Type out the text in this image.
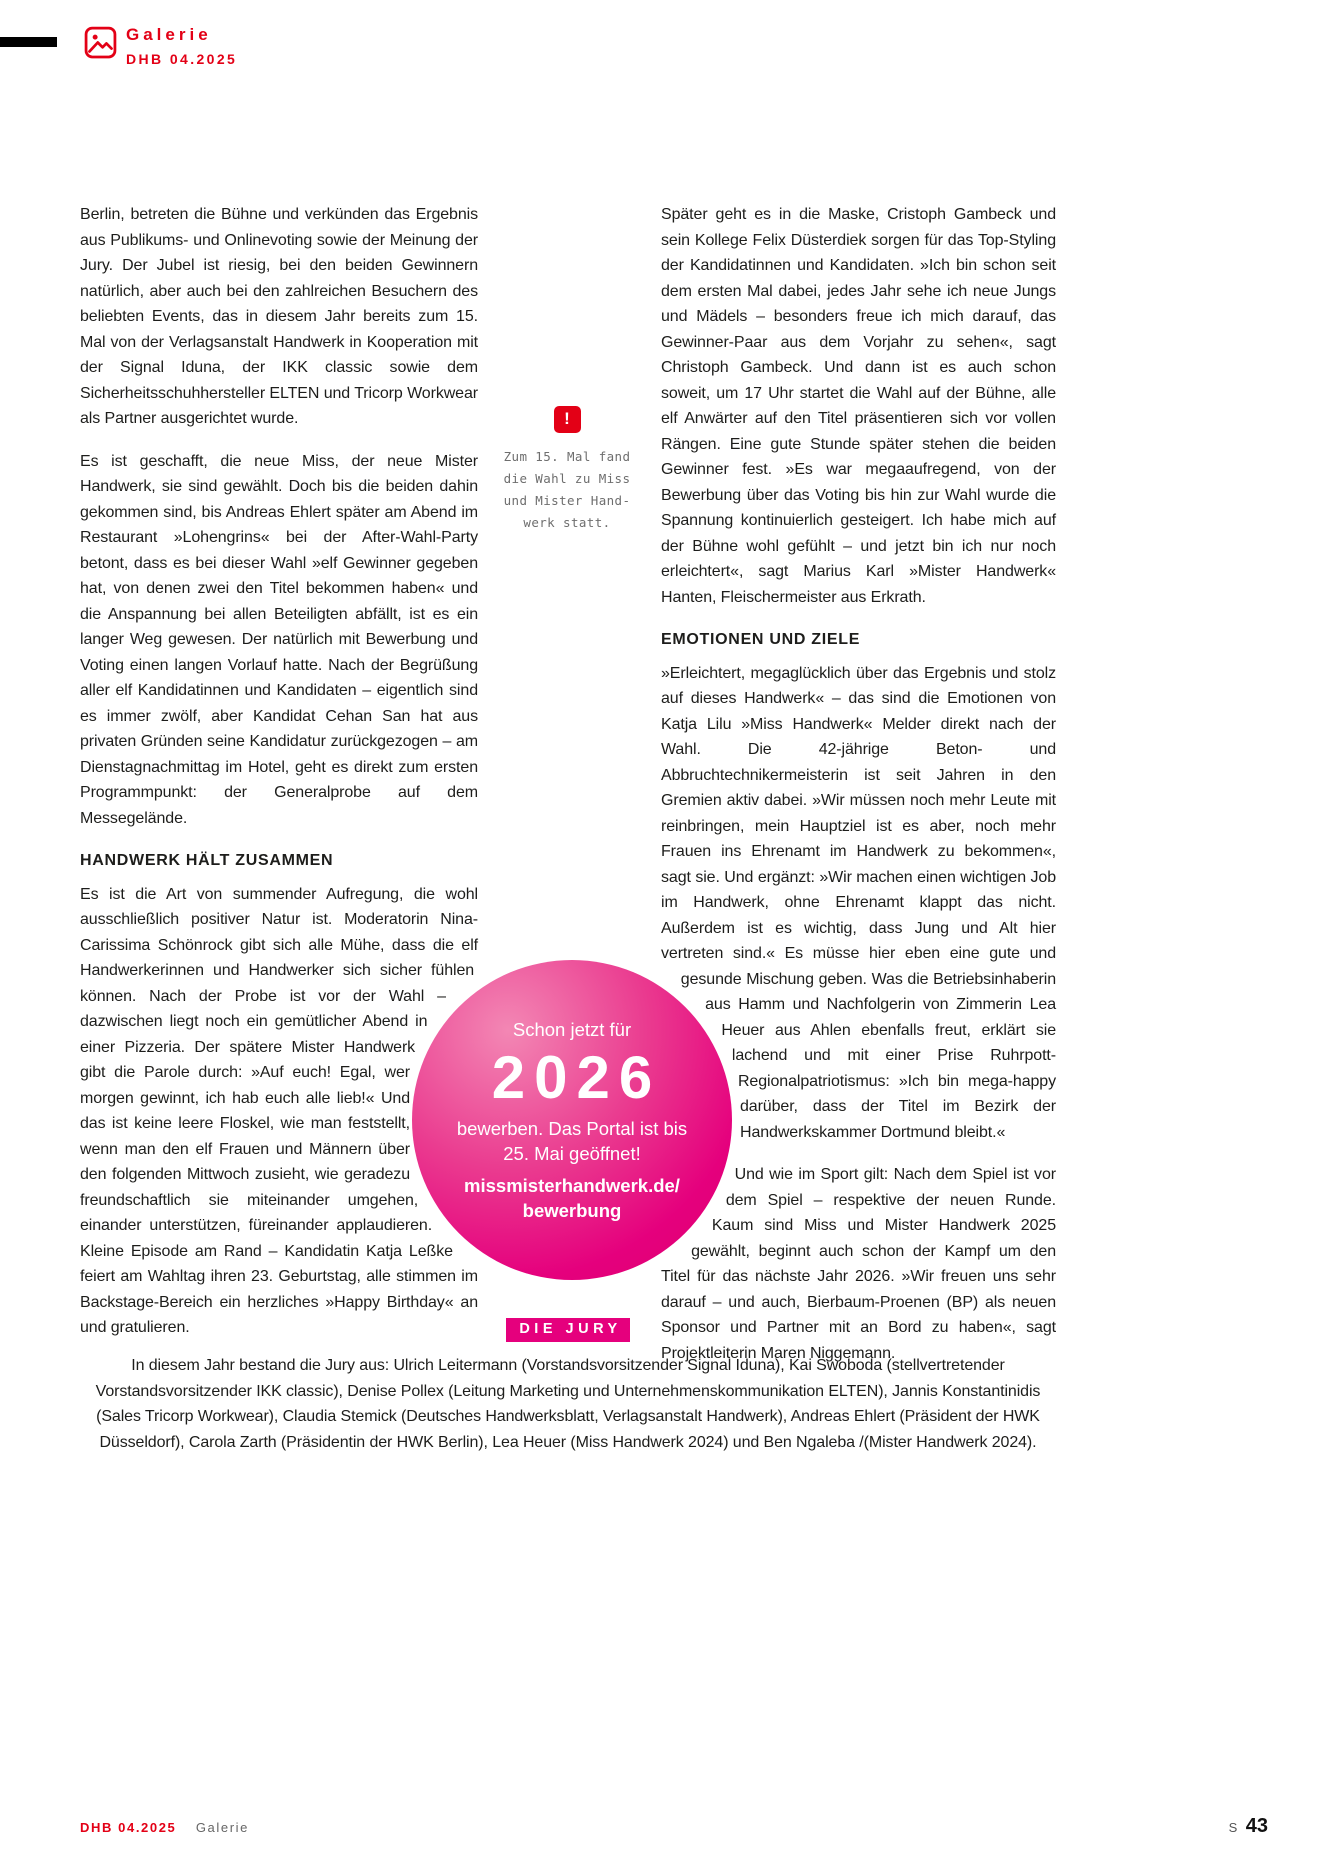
Galerie
DHB 04.2025

Berlin, betreten die Bühne und verkünden das Ergebnis aus Publikums- und Onlinevoting sowie der Meinung der Jury. Der Jubel ist riesig, bei den beiden Gewinnern natürlich, aber auch bei den zahlreichen Besuchern des beliebten Events, das in diesem Jahr bereits zum 15. Mal von der Verlagsanstalt Handwerk in Kooperation mit der Signal Iduna, der IKK classic sowie dem Sicherheitsschuhhersteller ELTEN und Tricorp Workwear als Partner ausgerichtet wurde.

Es ist geschafft, die neue Miss, der neue Mister Handwerk, sie sind gewählt. Doch bis die beiden dahin gekommen sind, bis Andreas Ehlert später am Abend im Restaurant »Lohengrins« bei der After-Wahl-Party betont, dass es bei dieser Wahl »elf Gewinner gegeben hat, von denen zwei den Titel bekommen haben« und die Anspannung bei allen Beteiligten abfällt, ist es ein langer Weg gewesen. Der natürlich mit Bewerbung und Voting einen langen Vorlauf hatte. Nach der Begrüßung aller elf Kandidatinnen und Kandidaten – eigentlich sind es immer zwölf, aber Kandidat Cehan San hat aus privaten Gründen seine Kandidatur zurückgezogen – am Dienstagnachmittag im Hotel, geht es direkt zum ersten Programmpunkt: der Generalprobe auf dem Messegelände.

HANDWERK HÄLT ZUSAMMEN

Es ist die Art von summender Aufregung, die wohl ausschließlich positiver Natur ist. Moderatorin Nina-Carissima Schönrock gibt sich alle Mühe, dass die elf Handwerkerinnen und Handwerker sich sicher fühlen können. Nach der Probe ist vor der Wahl – dazwischen liegt noch ein gemütlicher Abend in einer Pizzeria. Der spätere Mister Handwerk gibt die Parole durch: »Auf euch! Egal, wer morgen gewinnt, ich hab euch alle lieb!« Und das ist keine leere Floskel, wie man feststellt, wenn man den elf Frauen und Männern über den folgenden Mittwoch zusieht, wie geradezu freundschaftlich sie miteinander umgehen, einander unterstützen, füreinander applaudieren. Kleine Episode am Rand – Kandidatin Katja Leßke feiert am Wahltag ihren 23. Geburtstag, alle stimmen im Backstage-Bereich ein herzliches »Happy Birthday« an und gratulieren.

Später geht es in die Maske, Cristoph Gambeck und sein Kollege Felix Düsterdiek sorgen für das Top-Styling der Kandidatinnen und Kandidaten. »Ich bin schon seit dem ersten Mal dabei, jedes Jahr sehe ich neue Jungs und Mädels – besonders freue ich mich darauf, das Gewinner-Paar aus dem Vorjahr zu sehen«, sagt Christoph Gambeck. Und dann ist es auch schon soweit, um 17 Uhr startet die Wahl auf der Bühne, alle elf Anwärter auf den Titel präsentieren sich vor vollen Rängen. Eine gute Stunde später stehen die beiden Gewinner fest. »Es war megaaufregend, von der Bewerbung über das Voting bis hin zur Wahl wurde die Spannung kontinuierlich gesteigert. Ich habe mich auf der Bühne wohl gefühlt – und jetzt bin ich nur noch erleichtert«, sagt Marius Karl »Mister Handwerk« Hanten, Fleischermeister aus Erkrath.

EMOTIONEN UND ZIELE

»Erleichtert, megaglücklich über das Ergebnis und stolz auf dieses Handwerk« – das sind die Emotionen von Katja Lilu »Miss Handwerk« Melder direkt nach der Wahl. Die 42-jährige Beton- und Abbruchtechnikermeisterin ist seit Jahren in den Gremien aktiv dabei. »Wir müssen noch mehr Leute mit reinbringen, mein Hauptziel ist es aber, noch mehr Frauen ins Ehrenamt im Handwerk zu bekommen«, sagt sie. Und ergänzt: »Wir machen einen wichtigen Job im Handwerk, ohne Ehrenamt klappt das nicht. Außerdem ist es wichtig, dass Jung und Alt hier vertreten sind.« Es müsse hier eben eine gute und gesunde Mischung geben. Was die Betriebsinhaberin aus Hamm und Nachfolgerin von Zimmerin Lea Heuer aus Ahlen ebenfalls freut, erklärt sie lachend und mit einer Prise Ruhrpott-Regionalpatriotismus: »Ich bin mega-happy darüber, dass der Titel im Bezirk der Handwerkskammer Dortmund bleibt.«

Und wie im Sport gilt: Nach dem Spiel ist vor dem Spiel – respektive der neuen Runde. Kaum sind Miss und Mister Handwerk 2025 gewählt, beginnt auch schon der Kampf um den Titel für das nächste Jahr 2026. »Wir freuen uns sehr darauf – und auch, Bierbaum-Proenen (BP) als neuen Sponsor und Partner mit an Bord zu haben«, sagt Projektleiterin Maren Niggemann.

!
Zum 15. Mal fand
die Wahl zu Miss
und Mister Hand-
werk statt.
Schon jetzt für
2026
bewerben. Das Portal ist bis
25. Mai geöffnet!
missmisterhandwerk.de/
bewerbung
DIE JURY
In diesem Jahr bestand die Jury aus: Ulrich Leitermann (Vorstandsvorsitzender Signal Iduna), Kai Swoboda (stellvertretender Vorstandsvorsitzender IKK classic), Denise Pollex (Leitung Marketing und Unternehmenskommunikation ELTEN), Jannis Konstantinidis (Sales Tricorp Workwear), Claudia Stemick (Deutsches Handwerksblatt, Verlagsanstalt Handwerk), Andreas Ehlert (Präsident der HWK Düsseldorf), Carola Zarth (Präsidentin der HWK Berlin), Lea Heuer (Miss Handwerk 2024) und Ben Ngaleba /(Mister Handwerk 2024).
DHB 04.2025 Galerie	S 43
